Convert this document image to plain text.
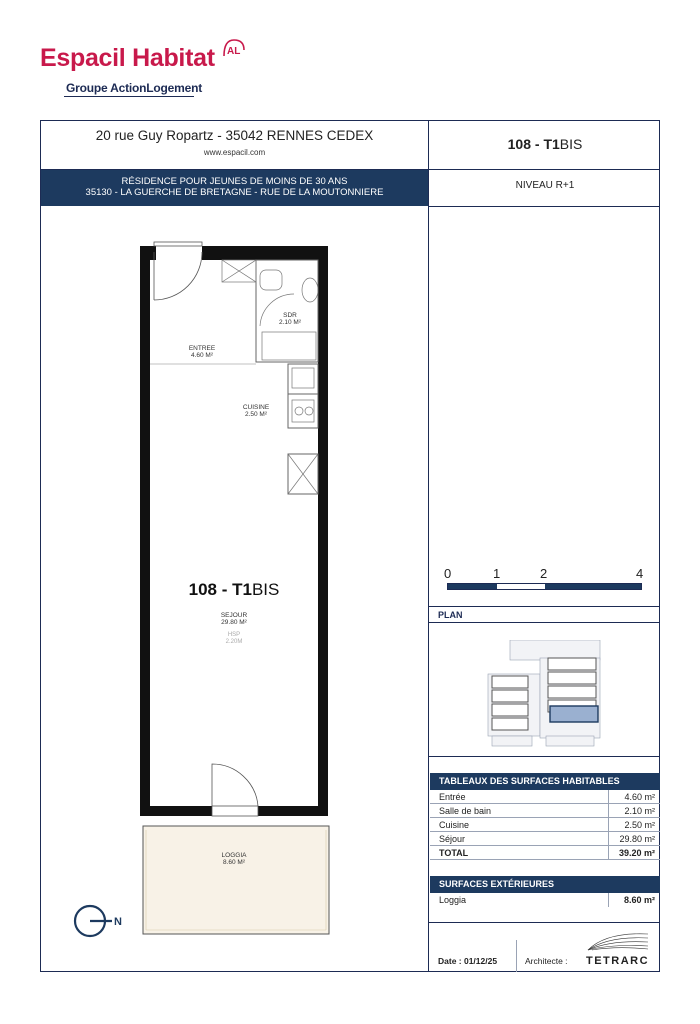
Espacil Habitat AL
Groupe ActionLogement
20 rue Guy Ropartz - 35042 RENNES CEDEX
www.espacil.com
RÉSIDENCE POUR JEUNES DE MOINS DE 30 ANS
35130 - LA GUERCHE DE BRETAGNE - RUE DE LA MOUTONNIERE
108 - T1BIS
NIVEAU R+1
0	1	2	4
PLAN
TABLEAUX DES SURFACES HABITABLES
Entrée	4.60 m²
Salle de bain	2.10 m²
Cuisine	2.50 m²
Séjour	29.80 m²
TOTAL	39.20 m²
SURFACES EXTÉRIEURES
Loggia	8.60 m²
Date : 01/12/25	Architecte : TETRARC
SDR
2.10 M²
ENTREE
4.60 M²
CUISINE
2.50 M²
108 - T1BIS
SEJOUR
29.80 M²
HSP
2.20M
LOGGIA
8.60 M²
N
